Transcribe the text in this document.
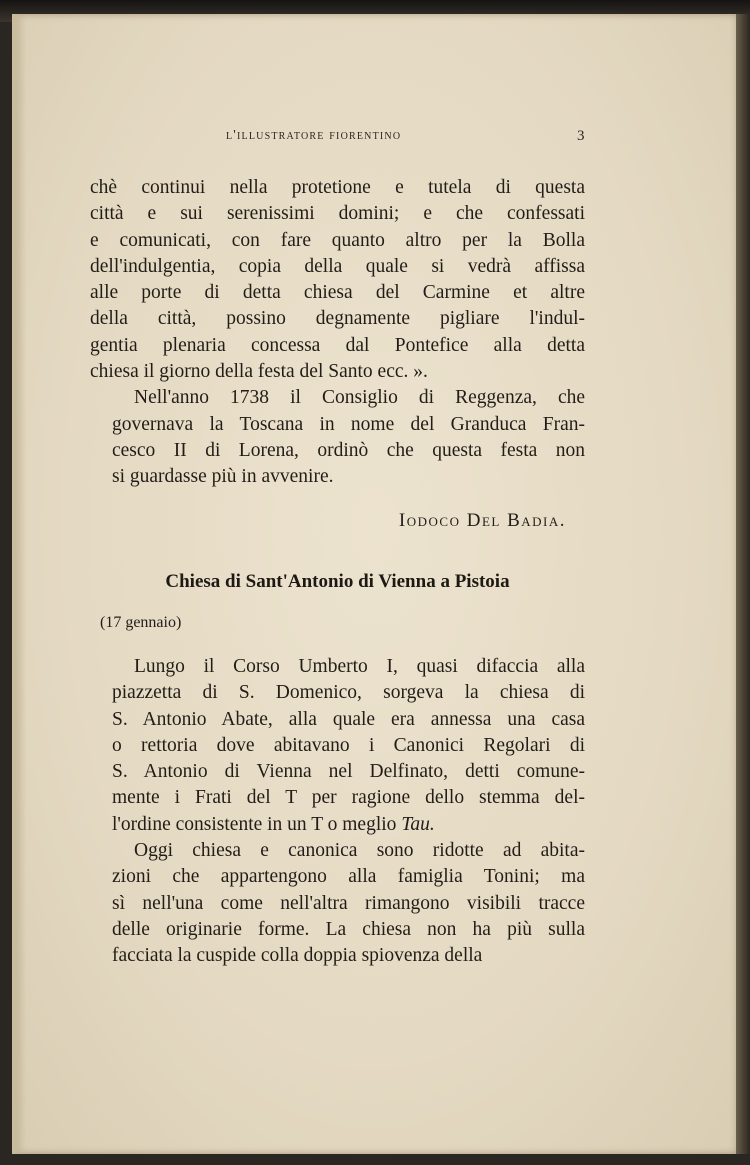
l'illustratore fiorentino	3
chè continui nella protetione e tutela di questa
città e sui serenissimi domini; e che confessati
e comunicati, con fare quanto altro per la Bolla
dell'indulgentia, copia della quale si vedrà affissa
alle porte di detta chiesa del Carmine et altre
della città, possino degnamente pigliare l'indul-
gentia plenaria concessa dal Pontefice alla detta
chiesa il giorno della festa del Santo ecc. ».
Nell'anno 1738 il Consiglio di Reggenza, che
governava la Toscana in nome del Granduca Fran-
cesco II di Lorena, ordinò che questa festa non
si guardasse più in avvenire.
Iodoco Del Badia.
Chiesa di Sant'Antonio di Vienna a Pistoia
(17 gennaio)
Lungo il Corso Umberto I, quasi difaccia alla
piazzetta di S. Domenico, sorgeva la chiesa di
S. Antonio Abate, alla quale era annessa una casa
o rettoria dove abitavano i Canonici Regolari di
S. Antonio di Vienna nel Delfinato, detti comune-
mente i Frati del T per ragione dello stemma del-
l'ordine consistente in un T o meglio Tau.
Oggi chiesa e canonica sono ridotte ad abita-
zioni che appartengono alla famiglia Tonini; ma
sì nell'una come nell'altra rimangono visibili tracce
delle originarie forme. La chiesa non ha più sulla
facciata la cuspide colla doppia spiovenza della
